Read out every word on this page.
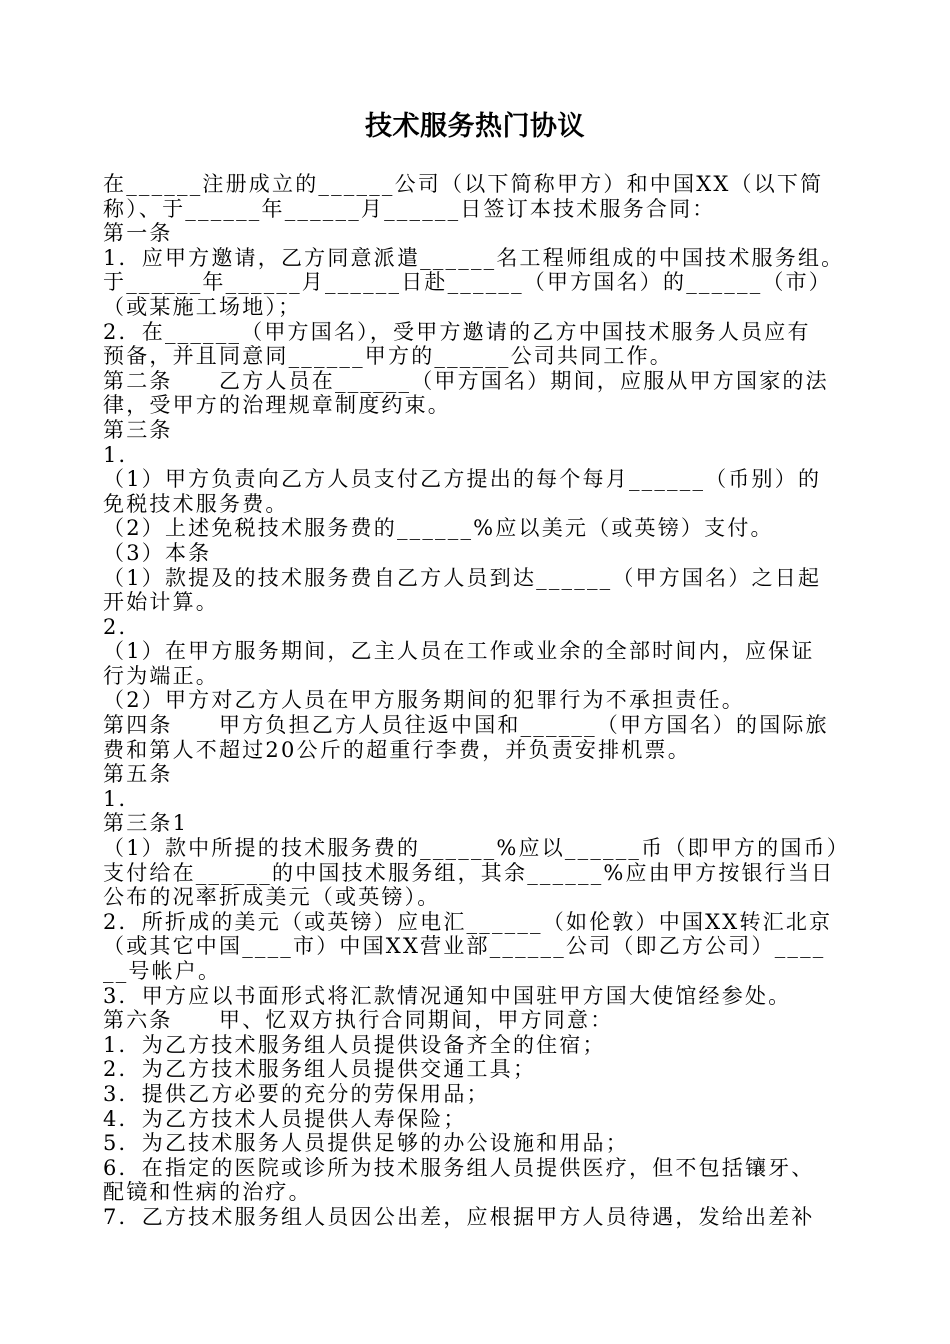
技术服务热门协议
在______注册成立的______公司（以下简称甲方）和中国XX（以下简
称）、于______年______月______日签订本技术服务合同：
第一条
1．应甲方邀请，乙方同意派遣______名工程师组成的中国技术服务组。
于______年______月______日赴______（甲方国名）的______（市）
（或某施工场地）；
2．在______（甲方国名），受甲方邀请的乙方中国技术服务人员应有
预备，并且同意同______甲方的______公司共同工作。
第二条　　乙方人员在______（甲方国名）期间，应服从甲方国家的法
律，受甲方的治理规章制度约束。
第三条
1．
（1）甲方负责向乙方人员支付乙方提出的每个每月______（币别）的
免税技术服务费。
（2）上述免税技术服务费的______%应以美元（或英镑）支付。
（3）本条
（1）款提及的技术服务费自乙方人员到达______（甲方国名）之日起
开始计算。
2．
（1）在甲方服务期间，乙主人员在工作或业余的全部时间内，应保证
行为端正。
（2）甲方对乙方人员在甲方服务期间的犯罪行为不承担责任。
第四条　　甲方负担乙方人员往返中国和______（甲方国名）的国际旅
费和第人不超过20公斤的超重行李费，并负责安排机票。
第五条
1．
第三条1
（1）款中所提的技术服务费的______%应以______币（即甲方的国币）
支付给在______的中国技术服务组，其余______%应由甲方按银行当日
公布的况率折成美元（或英镑）。
2．所折成的美元（或英镑）应电汇______（如伦敦）中国XX转汇北京
（或其它中国____市）中国XX营业部______公司（即乙方公司）____
__号帐户。
3．甲方应以书面形式将汇款情况通知中国驻甲方国大使馆经参处。
第六条　　甲、忆双方执行合同期间，甲方同意：
1．为乙方技术服务组人员提供设备齐全的住宿；
2．为乙方技术服务组人员提供交通工具；
3．提供乙方必要的充分的劳保用品；
4．为乙方技术人员提供人寿保险；
5．为乙技术服务人员提供足够的办公设施和用品；
6．在指定的医院或诊所为技术服务组人员提供医疗，但不包括镶牙、
配镜和性病的治疗。
7．乙方技术服务组人员因公出差，应根据甲方人员待遇，发给出差补
